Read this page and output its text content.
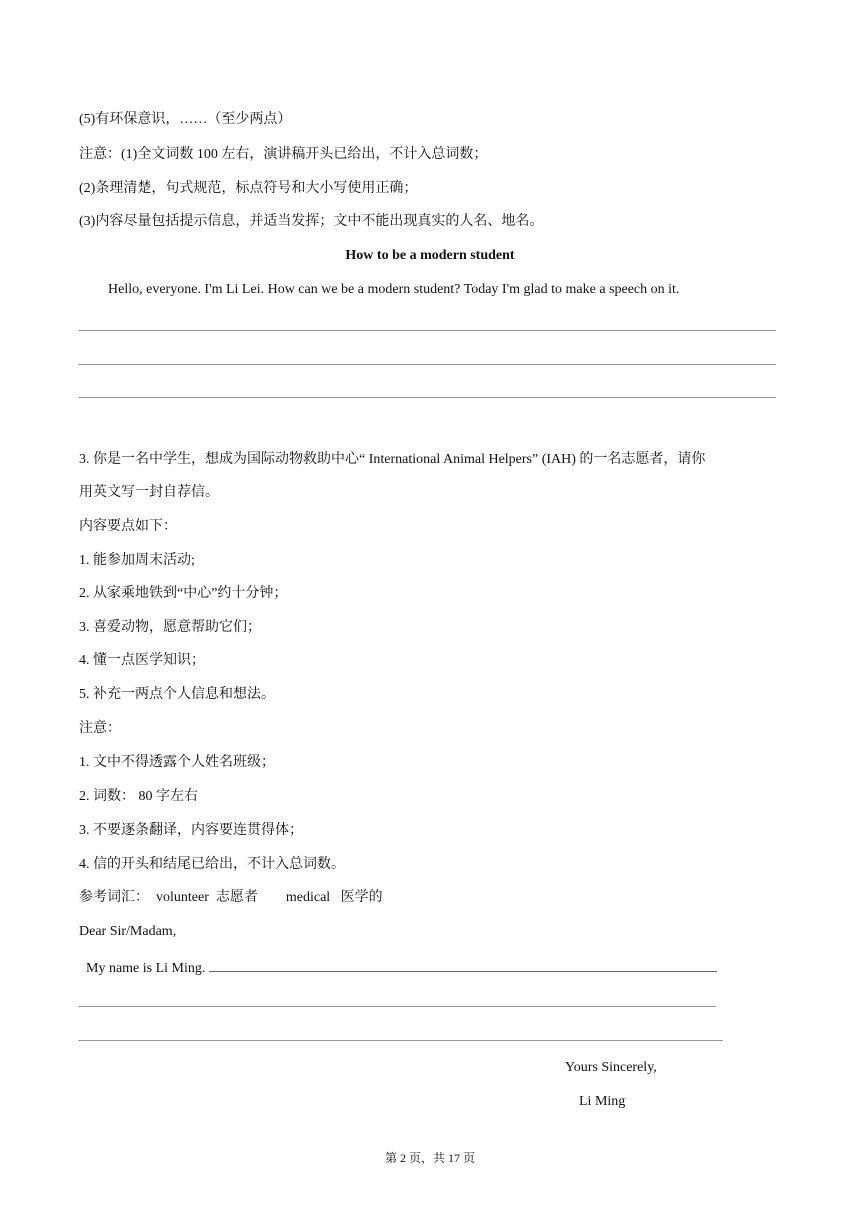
(5)有环保意识，……（至少两点）
注意：(1)全文词数 100 左右，演讲稿开头已给出，不计入总词数；
(2)条理清楚，句式规范，标点符号和大小写使用正确；
(3)内容尽量包括提示信息，并适当发挥；文中不能出现真实的人名、地名。
How to be a modern student
Hello, everyone. I'm Li Lei. How can we be a modern student? Today I'm glad to make a speech on it.
3. 你是一名中学生，想成为国际动物救助中心“ International Animal Helpers” (IAH) 的一名志愿者，请你
用英文写一封自荐信。
内容要点如下：
1. 能参加周末活动;
2. 从家乘地铁到“中心”约十分钟；
3. 喜爱动物，愿意帮助它们；
4. 懂一点医学知识；
5. 补充一两点个人信息和想法。
注意：
1. 文中不得透露个人姓名班级；
2. 词数： 80 字左右
3. 不要逐条翻译，内容要连贯得体；
4. 信的开头和结尾已给出，不计入总词数。
参考词汇：  volunteer  志愿者        medical   医学的
Dear Sir/Madam,
My name is Li Ming.
Yours Sincerely,
Li Ming
第 2 页，共 17 页
